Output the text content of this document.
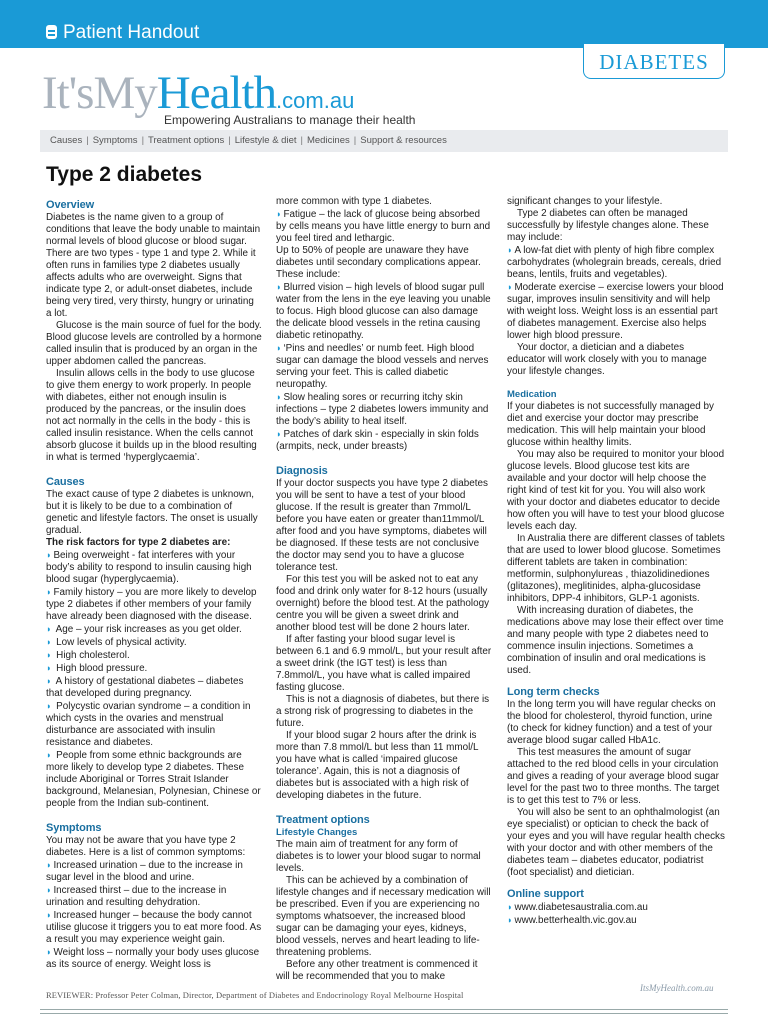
Patient Handout
DIABETES
It'sMyHealth.com.au
Empowering Australians to manage their health
Causes | Symptoms | Treatment options | Lifestyle & diet | Medicines | Support & resources
Type 2 diabetes
Overview

Diabetes is the name given to a group of conditions that leave the body unable to maintain normal levels of blood glucose or blood sugar. There are two types - type 1 and type 2. While it often runs in families type 2 diabetes usually affects adults who are overweight. Signs that indicate type 2, or adult-onset diabetes, include being very tired, very thirsty, hungry or urinating a lot.

Glucose is the main source of fuel for the body. Blood glucose levels are controlled by a hormone called insulin that is produced by an organ in the upper abdomen called the pancreas.

Insulin allows cells in the body to use glucose to give them energy to work properly. In people with diabetes, either not enough insulin is produced by the pancreas, or the insulin does not act normally in the cells in the body - this is called insulin resistance. When the cells cannot absorb glucose it builds up in the blood resulting in what is termed ‘hyperglycaemia’.

Causes

The exact cause of type 2 diabetes is unknown, but it is likely to be due to a combination of genetic and lifestyle factors. The onset is usually gradual.

The risk factors for type 2 diabetes are:

◗ Being overweight - fat interferes with your body’s ability to respond to insulin causing high blood sugar (hyperglycaemia).
◗ Family history – you are more likely to develop type 2 diabetes if other members of your family have already been diagnosed with the disease.
◗ Age – your risk increases as you get older.
◗ Low levels of physical activity.
◗ High cholesterol.
◗ High blood pressure.
◗ A history of gestational diabetes – diabetes that developed during pregnancy.
◗ Polycystic ovarian syndrome – a condition in which cysts in the ovaries and menstrual disturbance are associated with insulin resistance and diabetes.
◗ People from some ethnic backgrounds are more likely to develop type 2 diabetes. These include Aboriginal or Torres Strait Islander background, Melanesian, Polynesian, Chinese or people from the Indian sub-continent.
Symptoms

You may not be aware that you have type 2 diabetes. Here is a list of common symptoms:

◗ Increased urination – due to the increase in sugar level in the blood and urine.
◗ Increased thirst – due to the increase in urination and resulting dehydration.
◗ Increased hunger – because the body cannot utilise glucose it triggers you to eat more food. As a result you may experience weight gain.
◗ Weight loss – normally your body uses glucose as its source of energy. Weight loss is

more common with type 1 diabetes.

◗ Fatigue – the lack of glucose being absorbed by cells means you have little energy to burn and you feel tired and lethargic.

Up to 50% of people are unaware they have diabetes until secondary complications appear. These include:

◗ Blurred vision – high levels of blood sugar pull water from the lens in the eye leaving you unable to focus. High blood glucose can also damage the delicate blood vessels in the retina causing diabetic retinopathy.
◗ ‘Pins and needles’ or numb feet. High blood sugar can damage the blood vessels and nerves serving your feet. This is called diabetic neuropathy.
◗ Slow healing sores or recurring itchy skin infections – type 2 diabetes lowers immunity and the body’s ability to heal itself.
◗ Patches of dark skin - especially in skin folds (armpits, neck, under breasts)
Diagnosis

If your doctor suspects you have type 2 diabetes you will be sent to have a test of your blood glucose. If the result is greater than 7mmol/L before you have eaten or greater than11mmol/L after food and you have symptoms, diabetes will be diagnosed. If these tests are not conclusive the doctor may send you to have a glucose tolerance test.

For this test you will be asked not to eat any food and drink only water for 8-12 hours (usually overnight) before the blood test. At the pathology centre you will be given a sweet drink and another blood test will be done 2 hours later.

If after fasting your blood sugar level is between 6.1 and 6.9 mmol/L, but your result after a sweet drink (the IGT test) is less than 7.8mmol/L, you have what is called impaired fasting glucose.

This is not a diagnosis of diabetes, but there is a strong risk of progressing to diabetes in the future.

If your blood sugar 2 hours after the drink is more than 7.8 mmol/L but less than 11 mmol/L you have what is called ‘impaired glucose tolerance’. Again, this is not a diagnosis of diabetes but is associated with a high risk of developing diabetes in the future.

Treatment options
Lifestyle Changes

The main aim of treatment for any form of diabetes is to lower your blood sugar to normal levels.

This can be achieved by a combination of lifestyle changes and if necessary medication will be prescribed. Even if you are experiencing no symptoms whatsoever, the increased blood sugar can be damaging your eyes, kidneys, blood vessels, nerves and heart leading to life-threatening problems.

Before any other treatment is commenced it will be recommended that you to make

significant changes to your lifestyle.

Type 2 diabetes can often be managed successfully by lifestyle changes alone. These may include:

◗ A low-fat diet with plenty of high fibre complex carbohydrates (wholegrain breads, cereals, dried beans, lentils, fruits and vegetables).
◗ Moderate exercise – exercise lowers your blood sugar, improves insulin sensitivity and will help with weight loss. Weight loss is an essential part of diabetes management. Exercise also helps lower high blood pressure.

Your doctor, a dietician and a diabetes educator will work closely with you to manage your lifestyle changes.

Medication

If your diabetes is not successfully managed by diet and exercise your doctor may prescribe medication. This will help maintain your blood glucose within healthy limits.

You may also be required to monitor your blood glucose levels. Blood glucose test kits are available and your doctor will help choose the right kind of test kit for you. You will also work with your doctor and diabetes educator to decide how often you will have to test your blood glucose levels each day.

In Australia there are different classes of tablets that are used to lower blood glucose. Sometimes different tablets are taken in combination: metformin, sulphonylureas , thiazolidinediones (glitazones), meglitinides, alpha-glucosidase inhibitors, DPP-4 inhibitors, GLP-1 agonists.

With increasing duration of diabetes, the medications above may lose their effect over time and many people with type 2 diabetes need to commence insulin injections. Sometimes a combination of insulin and oral medications is used.

Long term checks

In the long term you will have regular checks on the blood for cholesterol, thyroid function, urine (to check for kidney function) and a test of your average blood sugar called HbA1c.

This test measures the amount of sugar attached to the red blood cells in your circulation and gives a reading of your average blood sugar level for the past two to three months. The target is to get this test to 7% or less.

You will also be sent to an ophthalmologist (an eye specialist) or optician to check the back of your eyes and you will have regular health checks with your doctor and with other members of the diabetes team – diabetes educator, podiatrist (foot specialist) and dietician.

Online support
◗ www.diabetesaustralia.com.au
◗ www.betterhealth.vic.gov.au
ItsMyHealth.com.au
REVIEWER: Professor Peter Colman, Director, Department of Diabetes and Endocrinology Royal Melbourne Hospital
